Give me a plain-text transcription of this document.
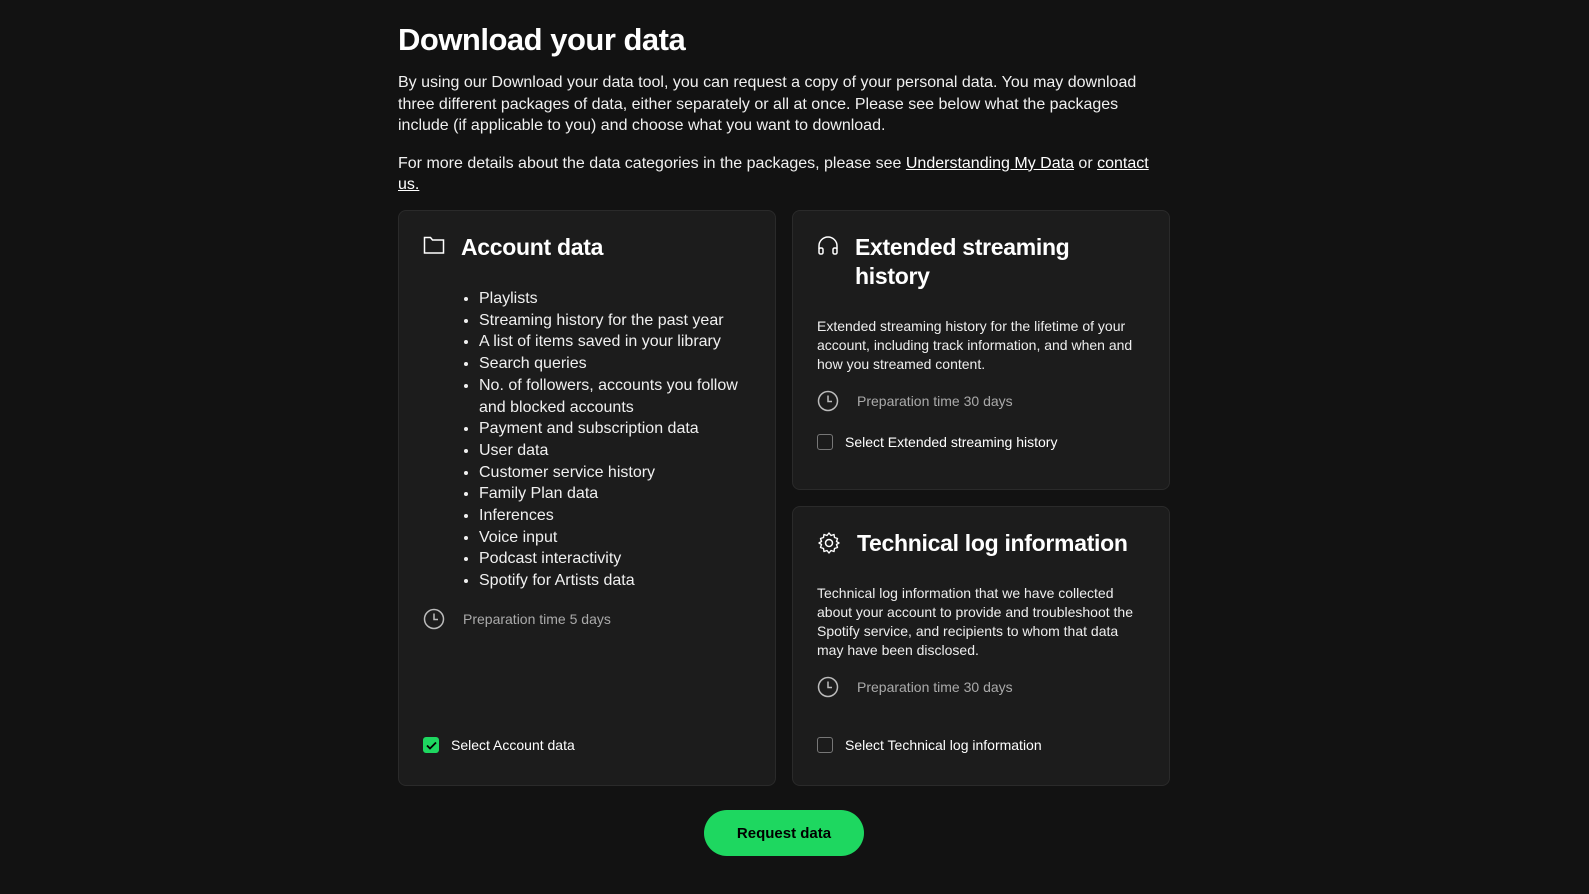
Download your data

By using our Download your data tool, you can request a copy of your personal data. You may download three different packages of data, either separately or all at once. Please see below what the packages include (if applicable to you) and choose what you want to download.

For more details about the data categories in the packages, please see Understanding My Data or contact us.

Account data
• Playlists
• Streaming history for the past year
• A list of items saved in your library
• Search queries
• No. of followers, accounts you follow and blocked accounts
• Payment and subscription data
• User data
• Customer service history
• Family Plan data
• Inferences
• Voice input
• Podcast interactivity
• Spotify for Artists data
Preparation time 5 days
Select Account data
Extended streaming history

Extended streaming history for the lifetime of your account, including track information, and when and how you streamed content.

Preparation time 30 days
Select Extended streaming history
Technical log information

Technical log information that we have collected about your account to provide and troubleshoot the Spotify service, and recipients to whom that data may have been disclosed.

Preparation time 30 days
Select Technical log information
Request data
